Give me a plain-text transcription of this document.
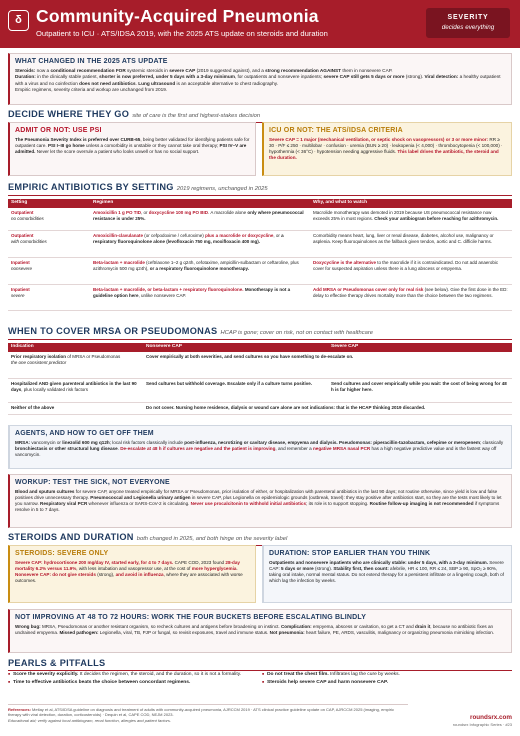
δ Community-Acquired Pneumonia
Outpatient to ICU · ATS/IDSA 2019, with the 2025 ATS update on steroids and duration
SEVERITY
decides everything
WHAT CHANGED IN THE 2025 ATS UPDATE
Steroids: now a conditional recommendation FOR systemic steroids in severe CAP (2019 suggested against), and a strong recommendation AGAINST them in nonsevere CAP.
Duration: in the clinically stable patient, shorter is now preferred, under 5 days with a 3-day minimum, for outpatients and nonsevere inpatients; severe CAP still gets 5 days or more (strong). Viral detection: a healthy outpatient with a virus and no coinfection does not need antibiotics. Lung ultrasound is an acceptable alternative to chest radiography.
Empiric regimens, severity criteria and workup are unchanged from 2019.
DECIDE WHERE THEY GO site of care is the first and highest-stakes decision
ADMIT OR NOT: USE PSI
The Pneumonia Severity Index is preferred over CURB-65, being better validated for identifying patients safe for outpatient care. PSI I–III go home unless a comorbidity is unstable or they cannot take oral therapy; PSI IV–V are admitted. Never let the score overrule a patient who looks unwell or has no social support.
ICU OR NOT: THE ATS/IDSA CRITERIA
Severe CAP = 1 major (mechanical ventilation, or septic shock on vasopressors) or 3 or more minor: RR ≥ 30 · P/F ≤ 250 · multilobar · confusion · uremia (BUN ≥ 20) · leukopenia (< 4,000) · thrombocytopenia (< 100,000) · hypothermia (< 36°C) · hypotension needing aggressive fluids. This label drives the antibiotic, the steroid and the duration.
EMPIRIC ANTIBIOTICS BY SETTING 2019 regimens, unchanged in 2025
Setting	Regimen	Why, and what to watch
Outpatient
no comorbidities	Amoxicillin 1 g PO TID, or doxycycline 100 mg PO BID. A macrolide alone only where pneumococcal resistance is under 25%.	Macrolide monotherapy was demoted in 2019 because US pneumococcal resistance now exceeds 25% in most regions. Check your antibiogram before reaching for azithromycin.
Outpatient
with comorbidities	Amoxicillin-clavulanate (or cefpodoxime / cefuroxime) plus a macrolide or doxycycline, or a respiratory fluoroquinolone alone (levofloxacin 750 mg, moxifloxacin 400 mg).	Comorbidity means heart, lung, liver or renal disease, diabetes, alcohol use, malignancy or asplenia. Keep fluoroquinolones as the fallback given tendon, aortic and C. difficile harms.
Inpatient
nonsevere	Beta-lactam + macrolide (ceftriaxone 1–2 g q24h, cefotaxime, ampicillin-sulbactam or ceftaroline, plus azithromycin 500 mg q24h), or a respiratory fluoroquinolone monotherapy.	Doxycycline is the alternative to the macrolide if it is contraindicated. Do not add anaerobic cover for suspected aspiration unless there is a lung abscess or empyema.
Inpatient
severe	Beta-lactam + macrolide, or beta-lactam + respiratory fluoroquinolone. Monotherapy is not a guideline option here, unlike nonsevere CAP.	Add MRSA or Pseudomonas cover only for real risk (see below). Give the first dose in the ED: delay to effective therapy drives mortality more than the choice between the two regimens.
WHEN TO COVER MRSA OR PSEUDOMONAS HCAP is gone; cover on risk, not on contact with healthcare
Indication	Nonsevere CAP	Severe CAP
Prior respiratory isolation of MRSA or Pseudomonas
the one consistent predictor	Cover empirically at both severities, and send cultures so you have something to de-escalate on.	
Hospitalized AND given parenteral antibiotics in the last 90 days, plus locally validated risk factors	Send cultures but withhold coverage. Escalate only if a culture turns positive.	Send cultures and cover empirically while you wait: the cost of being wrong for 48 h is far higher here.
Neither of the above	Do not cover. Nursing home residence, dialysis or wound care alone are not indications: that is the HCAP thinking 2019 discarded.	
AGENTS, AND HOW TO GET OFF THEM
MRSA: vancomycin or linezolid 600 mg q12h; local risk factors classically include post-influenza, necrotizing or cavitary disease, empyema and dialysis. Pseudomonas: piperacillin-tazobactam, cefepime or meropenem; classically bronchiectasis or other structural lung disease. De-escalate at 48 h if cultures are negative and the patient is improving, and remember a negative MRSA nasal PCR has a high negative predictive value and is the fastest way off vancomycin.
WORKUP: TEST THE SICK, NOT EVERYONE
Blood and sputum cultures for severe CAP, anyone treated empirically for MRSA or Pseudomonas, prior isolation of either, or hospitalization with parenteral antibiotics in the last 90 days; not routine otherwise, since yield is low and false positives drive unnecessary therapy. Pneumococcal and Legionella urinary antigen in severe CAP, plus Legionella on epidemiologic grounds (outbreak, travel): they stay positive after antibiotics start, so they are the tests most likely to let you narrow. Respiratory viral PCR whenever influenza or SARS-CoV-2 is circulating. Never use procalcitonin to withhold initial antibiotics; its role is to support stopping. Routine follow-up imaging is not recommended if symptoms resolve in 5 to 7 days.
STEROIDS AND DURATION both changed in 2025, and both hinge on the severity label
STEROIDS: SEVERE ONLY
Severe CAP: hydrocortisone 200 mg/day IV, started early, for 4 to 7 days. CAPE COD, 2023 found 28-day mortality 6.2% versus 11.9%, with less intubation and vasopressor use, at the cost of more hyperglycemia. Nonsevere CAP: do not give steroids (strong), and avoid in influenza, where they are associated with worse outcomes.
DURATION: STOP EARLIER THAN YOU THINK
Outpatients and nonsevere inpatients who are clinically stable: under 5 days, with a 3-day minimum. Severe CAP: 5 days or more (strong). Stability first, then count: afebrile, HR ≤ 100, RR ≤ 24, SBP ≥ 90, SpO₂ ≥ 90%, taking oral intake, normal mental status. Do not extend therapy for a persistent infiltrate or a lingering cough, both of which lag the infection by weeks.
NOT IMPROVING AT 48 TO 72 HOURS: WORK THE FOUR BUCKETS BEFORE ESCALATING BLINDLY
Wrong bug: MRSA, Pseudomonas or another resistant organism, so recheck cultures and antigens before broadening on instinct. Complication: empyema, abscess or cavitation, so get a CT and drain it, because no antibiotic fixes an undrained empyema. Missed pathogen: Legionella, viral, TB, PJP or fungal, so revisit exposures, travel and immune status. Not pneumonia: heart failure, PE, ARDS, vasculitis, malignancy or organizing pneumonia mimicking infection.
PEARLS & PITFALLS
■ Score the severity explicitly. It decides the regimen, the steroid, and the duration, so it is not a formality.
■ Time to effective antibiotics beats the choice between concordant regimens.
■ Do not treat the chest film. Infiltrates lag the cure by weeks.
■ Steroids help severe CAP and harm nonsevere CAP.
References: Metlay et al, ATS/IDSA guideline on diagnosis and treatment of adults with community-acquired pneumonia, AJRCCM 2019 · ATS clinical practice guideline update on CAP, AJRCCM 2025 (imaging, empiric therapy with viral detection, duration, corticosteroids) · Dequin et al, CAPE COD, NEJM 2023.
Educational aid; verify against local antibiogram, renal function, allergies and patient factors.	roundsrx.com
roundsrx Infographic Series · #23
